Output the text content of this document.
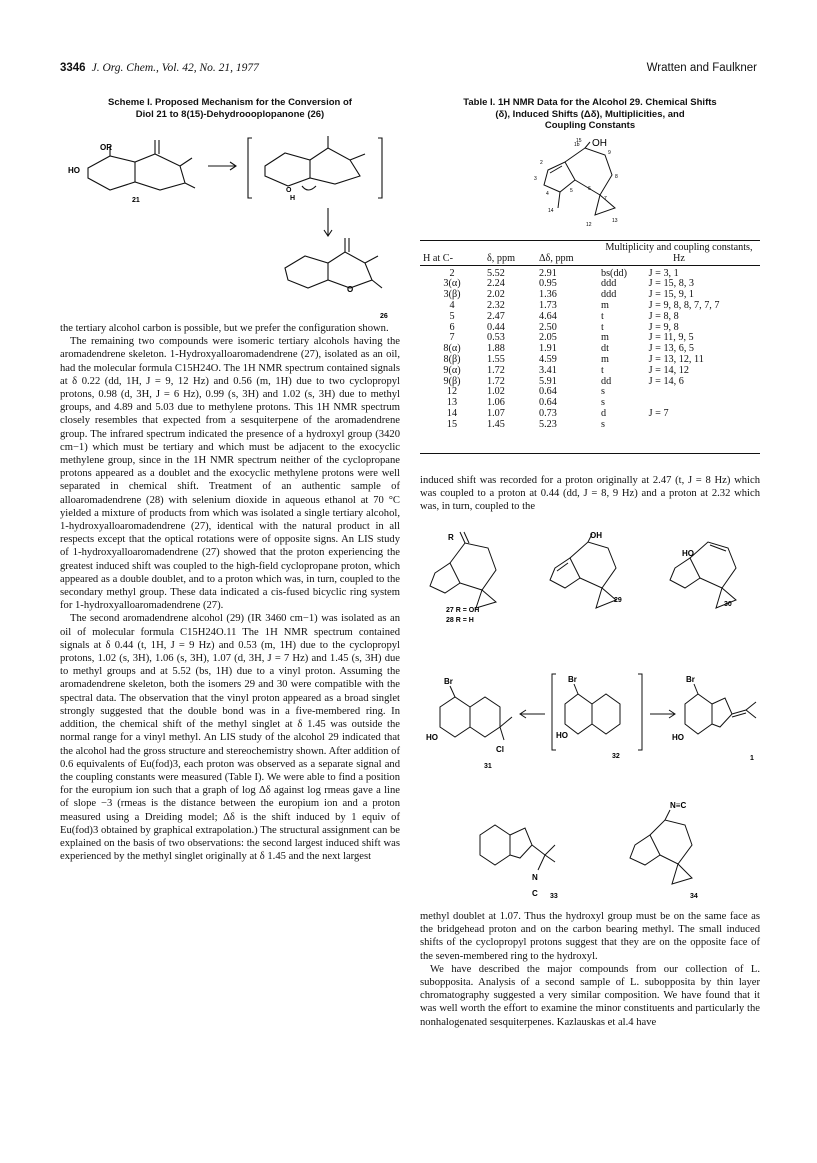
3346 J. Org. Chem., Vol. 42, No. 21, 1977	Wratten and Faulkner
Scheme I. Proposed Mechanism for the Conversion of
Diol 21 to 8(15)-Dehydroooplopanone (26)
OR
HO
21
O
H
O
26

the tertiary alcohol carbon is possible, but we prefer the configuration shown.

The remaining two compounds were isomeric tertiary alcohols having the aromadendrene skeleton. 1-Hydroxyalloaromadendrene (27), isolated as an oil, had the molecular formula C15H24O. The 1H NMR spectrum contained signals at δ 0.22 (dd, 1H, J = 9, 12 Hz) and 0.56 (m, 1H) due to two cyclopropyl protons, 0.98 (d, 3H, J = 6 Hz), 0.99 (s, 3H) and 1.02 (s, 3H) due to methyl groups, and 4.89 and 5.03 due to methylene protons. This 1H NMR spectrum closely resembles that expected from a sesquiterpene of the aromadendrene group. The infrared spectrum indicated the presence of a hydroxyl group (3420 cm−1) which must be tertiary and which must be adjacent to the exocyclic methylene group, since in the 1H NMR spectrum neither of the cyclopropane protons appeared as a doublet and the exocyclic methylene protons were well separated in chemical shift. Treatment of an authentic sample of alloaromadendrene (28) with selenium dioxide in aqueous ethanol at 70 °C yielded a mixture of products from which was isolated a single tertiary alcohol, 1-hydroxyalloaromadendrene (27), identical with the natural product in all respects except that the optical rotations were of opposite signs. An LIS study of 1-hydroxyalloaromadendrene (27) showed that the proton experiencing the greatest induced shift was coupled to the high-field cyclopropane proton, which appeared as a double doublet, and to a proton which was, in turn, coupled to the secondary methyl group. These data indicated a cis-fused bicyclic ring system for 1-hydroxyalloaromadendrene (27).

The second aromadendrene alcohol (29) (IR 3460 cm−1) was isolated as an oil of molecular formula C15H24O.11 The 1H NMR spectrum contained signals at δ 0.44 (t, 1H, J = 9 Hz) and 0.53 (m, 1H) due to the cyclopropyl protons, 1.02 (s, 3H), 1.06 (s, 3H), 1.07 (d, 3H, J = 7 Hz) and 1.45 (s, 3H) due to methyl groups and at 5.52 (bs, 1H) due to a vinyl proton. Assuming the aromadendrene skeleton, both the isomers 29 and 30 were compatible with the spectral data. The observation that the vinyl proton appeared as a broad singlet strongly suggested that the double bond was in a five-membered ring. In addition, the chemical shift of the methyl singlet at δ 1.45 was outside the normal range for a vinyl methyl. An LIS study of the alcohol 29 indicated that the alcohol had the gross structure and stereochemistry shown. After addition of 0.6 equivalents of Eu(fod)3, each proton was observed as a separate signal and the coupling constants were measured (Table I). We were able to find a position for the europium ion such that a graph of log Δδ against log rmeas gave a line of slope −3 (rmeas is the distance between the europium ion and a proton measured using a Dreiding model; Δδ is the shift induced by 1 equiv of Eu(fod)3 obtained by graphical extrapolation.) The structural assignment can be explained on the basis of two observations: the second largest induced shift was experienced by the methyl singlet originally at δ 1.45 and the next largest

Table I. 1H NMR Data for the Alcohol 29. Chemical Shifts
(δ), Induced Shifts (Δδ), Multiplicities, and
Coupling Constants
OH
1b
2
3
4	5	6
7
8
9
12
13
14
15
H at C-	δ, ppm	Δδ, ppm	Multiplicity and coupling constants, Hz	
2	5.52	2.91	bs(dd)	J = 3, 1
3(α)	2.24	0.95	ddd	J = 15, 8, 3
3(β)	2.02	1.36	ddd	J = 15, 9, 1
4	2.32	1.73	m	J = 9, 8, 8, 7, 7, 7
5	2.47	4.64	t	J = 8, 8
6	0.44	2.50	t	J = 9, 8
7	0.53	2.05	m	J = 11, 9, 5
8(α)	1.88	1.91	dt	J = 13, 6, 5
8(β)	1.55	4.59	m	J = 13, 12, 11
9(α)	1.72	3.41	t	J = 14, 12
9(β)	1.72	5.91	dd	J = 14, 6
12	1.02	0.64	s	
13	1.06	0.64	s	
14	1.07	0.73	d	J = 7
15	1.45	5.23	s	

induced shift was recorded for a proton originally at 2.47 (t, J = 8 Hz) which was coupled to a proton at 0.44 (dd, J = 8, 9 Hz) and a proton at 2.32 which was, in turn, coupled to the

R
27 R = OH
28 R = H
OH
29
HO
30
Br
HO
Cl
31
Br
HO
32
Br
HO
1
N
C 33
N≡C
34

methyl doublet at 1.07. Thus the hydroxyl group must be on the same face as the bridgehead proton and on the carbon bearing methyl. The small induced shifts of the cyclopropyl protons suggest that they are on the opposite face of the seven-membered ring to the hydroxyl.

We have described the major compounds from our collection of L. subopposita. Analysis of a second sample of L. subopposita by thin layer chromatography suggested a very similar composition. We have found that it was well worth the effort to examine the minor constituents and particularly the nonhalogenated sesquiterpenes. Kazlauskas et al.4 have
